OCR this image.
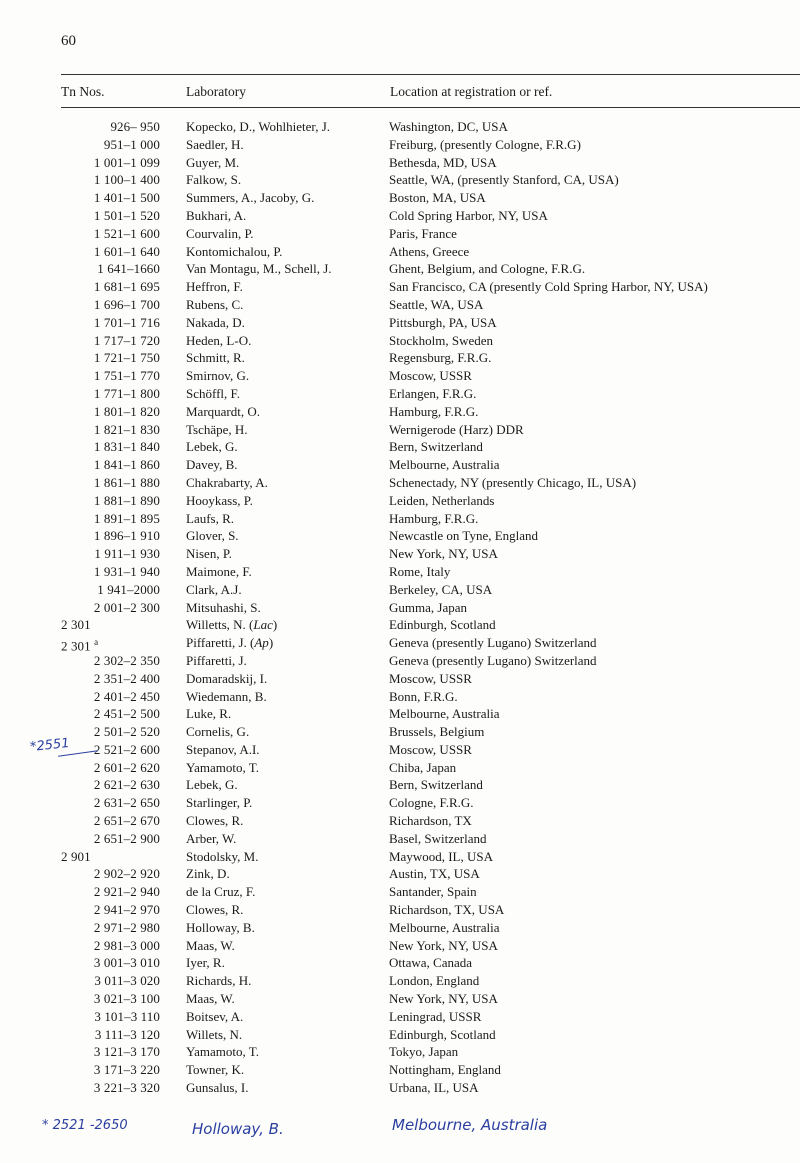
60
Tn Nos.	Laboratory	Location at registration or ref.
926– 950 Kopecko, D., Wohlhieter, J.	Washington, DC, USA
951–1 000 Saedler, H.	Freiburg, (presently Cologne, F.R.G)
1 001–1 099 Guyer, M.	Bethesda, MD, USA
1 100–1 400 Falkow, S.	Seattle, WA, (presently Stanford, CA, USA)
1 401–1 500 Summers, A., Jacoby, G.	Boston, MA, USA
1 501–1 520 Bukhari, A.	Cold Spring Harbor, NY, USA
1 521–1 600 Courvalin, P.	Paris, France
1 601–1 640 Kontomichalou, P.	Athens, Greece
1 641–1660 Van Montagu, M., Schell, J.	Ghent, Belgium, and Cologne, F.R.G.
1 681–1 695 Heffron, F.	San Francisco, CA (presently Cold Spring Harbor, NY, USA)
1 696–1 700 Rubens, C.	Seattle, WA, USA
1 701–1 716 Nakada, D.	Pittsburgh, PA, USA
1 717–1 720 Heden, L-O.	Stockholm, Sweden
1 721–1 750 Schmitt, R.	Regensburg, F.R.G.
1 751–1 770 Smirnov, G.	Moscow, USSR
1 771–1 800 Schöffl, F.	Erlangen, F.R.G.
1 801–1 820 Marquardt, O.	Hamburg, F.R.G.
1 821–1 830 Tschäpe, H.	Wernigerode (Harz) DDR
1 831–1 840 Lebek, G.	Bern, Switzerland
1 841–1 860 Davey, B.	Melbourne, Australia
1 861–1 880 Chakrabarty, A.	Schenectady, NY (presently Chicago, IL, USA)
1 881–1 890 Hooykass, P.	Leiden, Netherlands
1 891–1 895 Laufs, R.	Hamburg, F.R.G.
1 896–1 910 Glover, S.	Newcastle on Tyne, England
1 911–1 930 Nisen, P.	New York, NY, USA
1 931–1 940 Maimone, F.	Rome, Italy
1 941–2000 Clark, A.J.	Berkeley, CA, USA
2 001–2 300 Mitsuhashi, S.	Gumma, Japan
2 301	Willetts, N. (Lac)	Edinburgh, Scotland
2 301 $^a$	Piffaretti, J. (Ap)	Geneva (presently Lugano) Switzerland
2 302–2 350 Piffaretti, J.	Geneva (presently Lugano) Switzerland
2 351–2 400 Domaradskij, I.	Moscow, USSR
2 401–2 450 Wiedemann, B.	Bonn, F.R.G.
2 451–2 500 Luke, R.	Melbourne, Australia
2 501–2 520 Cornelis, G.	Brussels, Belgium
2 521–2 600 Stepanov, A.I.	Moscow, USSR
2 601–2 620 Yamamoto, T.	Chiba, Japan
2 621–2 630 Lebek, G.	Bern, Switzerland
2 631–2 650 Starlinger, P.	Cologne, F.R.G.
2 651–2 670 Clowes, R.	Richardson, TX
2 651–2 900 Arber, W.	Basel, Switzerland
2 901	Stodolsky, M.	Maywood, IL, USA
2 902–2 920 Zink, D.	Austin, TX, USA
2 921–2 940 de la Cruz, F.	Santander, Spain
2 941–2 970 Clowes, R.	Richardson, TX, USA
2 971–2 980 Holloway, B.	Melbourne, Australia
2 981–3 000 Maas, W.	New York, NY, USA
3 001–3 010 Iyer, R.	Ottawa, Canada
3 011–3 020 Richards, H.	London, England
3 021–3 100 Maas, W.	New York, NY, USA
3 101–3 110 Boitsev, A.	Leningrad, USSR
3 111–3 120 Willets, N.	Edinburgh, Scotland
3 121–3 170 Yamamoto, T.	Tokyo, Japan
3 171–3 220 Towner, K.	Nottingham, England
3 221–3 320 Gunsalus, I.	Urbana, IL, USA
*2551
* 2521 -2650	Holloway, B.	Melbourne, Australia
